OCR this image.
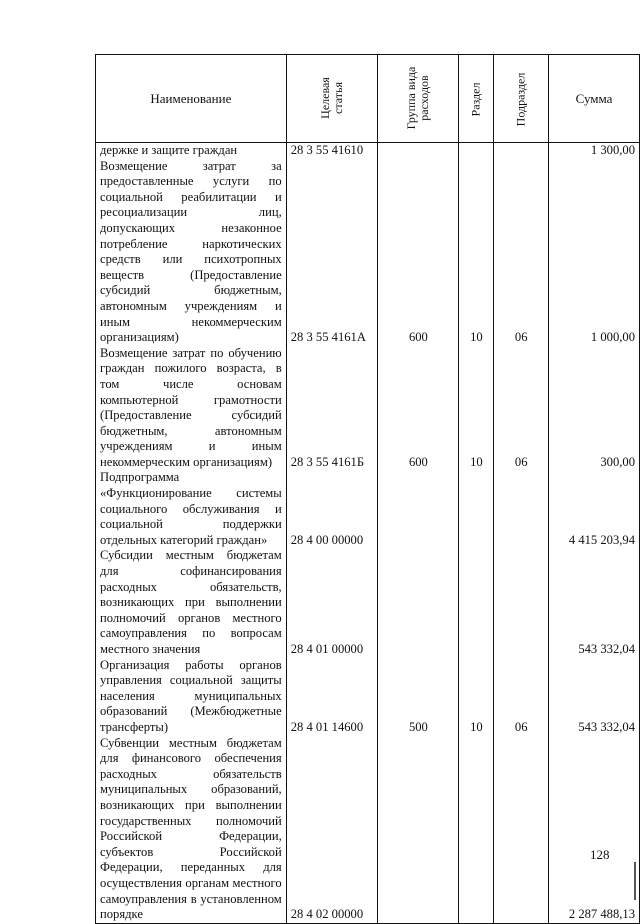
Наименование	Целевая статья	Группа вида расходов	Раздел	Подраздел	Сумма
держке и защите граждан	28 3 55 41610				1 300,00
Возмещение затрат за предоставленные услуги по социальной реабилитации и ресоциализации лиц, допускающих незаконное потребление наркотических средств или психотропных веществ (Предоставление субсидий бюджетным, автономным учреждениям и иным некоммерческим организациям)	28 3 55 4161А	600	10	06	1 000,00
Возмещение затрат по обучению граждан пожилого возраста, в том числе основам компьютерной грамотности (Предоставление субсидий бюджетным, автономным учреждениям и иным некоммерческим организациям)	28 3 55 4161Б	600	10	06	300,00
Подпрограмма «Функционирование системы социального обслуживания и социальной поддержки отдельных категорий граждан»	28 4 00 00000				4 415 203,94
Субсидии местным бюджетам для софинансирования расходных обязательств, возникающих при выполнении полномочий органов местного самоуправления по вопросам местного значения	28 4 01 00000				543 332,04
Организация работы органов управления социальной защиты населения муниципальных образований (Межбюджетные трансферты)	28 4 01 14600	500	10	06	543 332,04
Субвенции местным бюджетам для финансового обеспечения расходных обязательств муниципальных образований, возникающих при выполнении государственных полномочий Российской Федерации, субъектов Российской Федерации, переданных для осуществления органам местного самоуправления в установленном порядке	28 4 02 00000				2 287 488,13
128
